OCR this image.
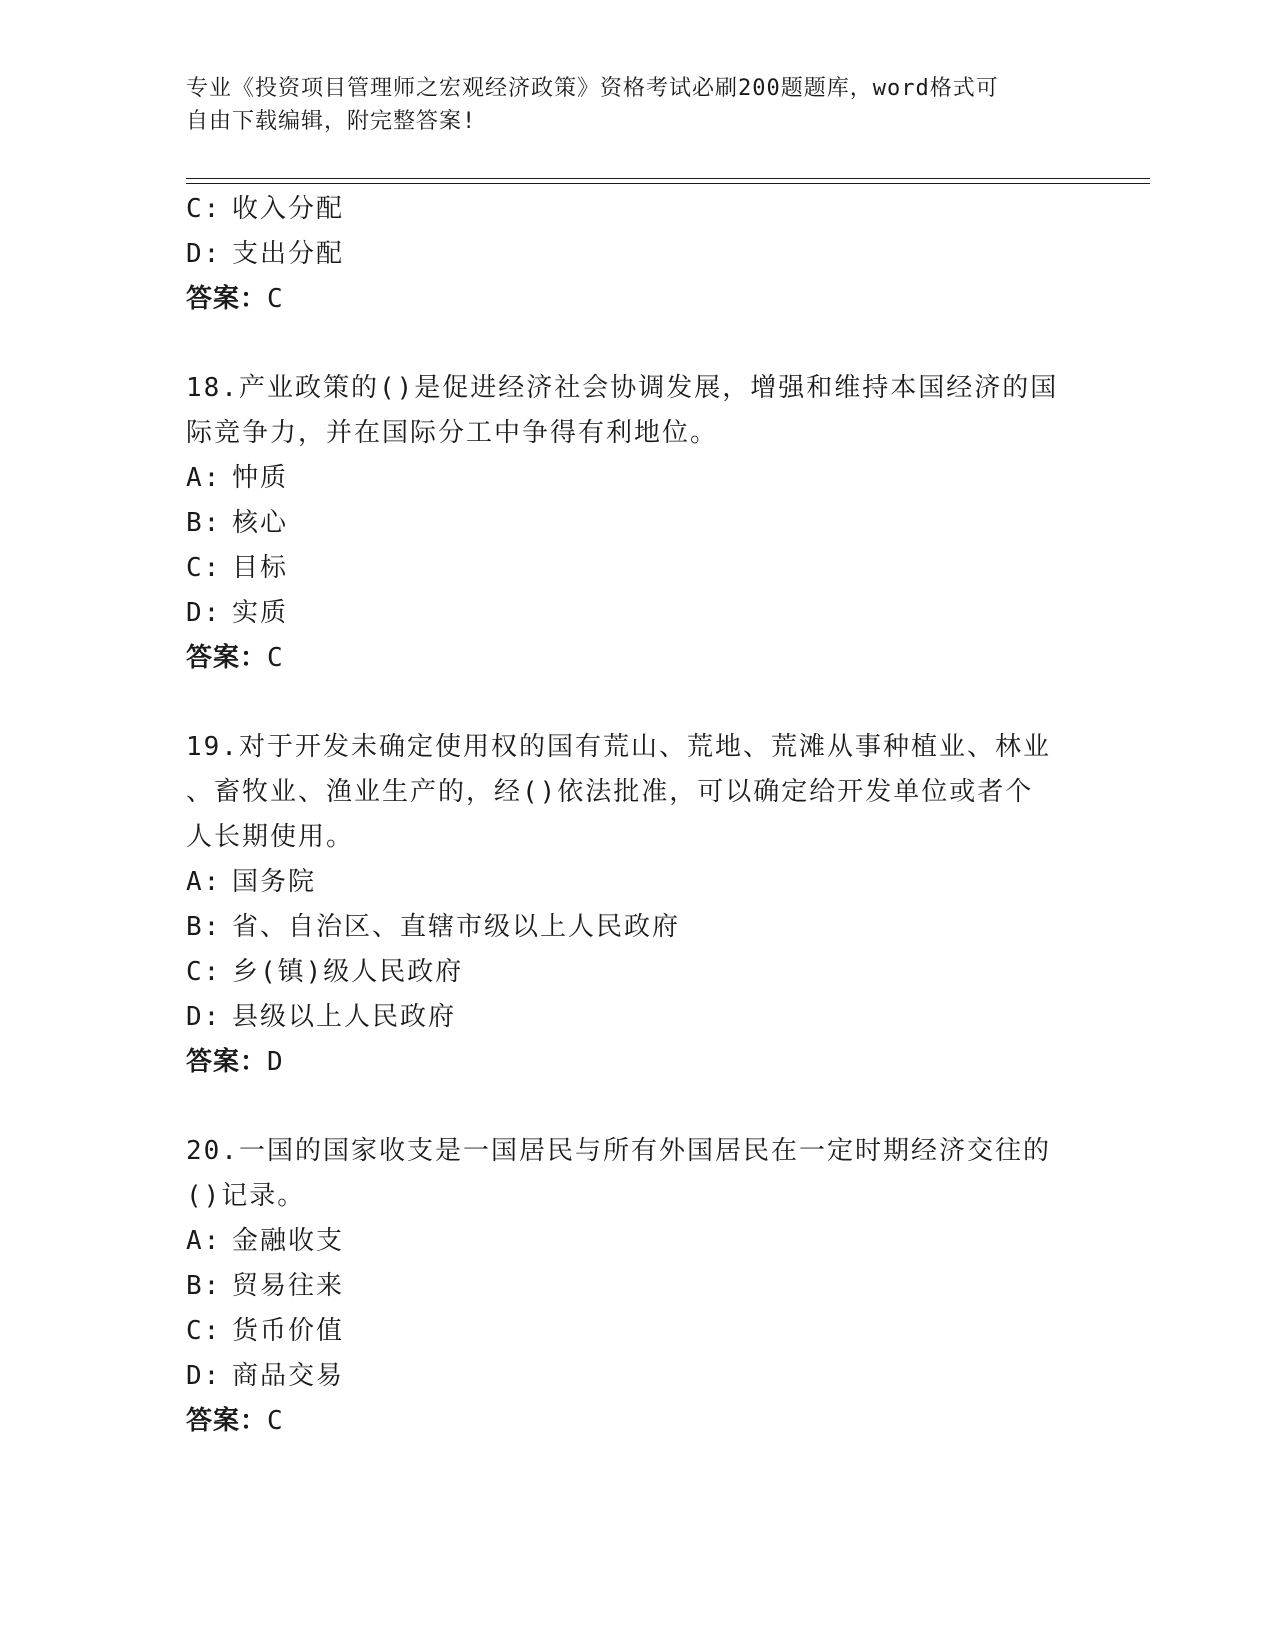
专业《投资项目管理师之宏观经济政策》资格考试必刷200题题库，word格式可
自由下载编辑，附完整答案!
C: 收入分配
D: 支出分配
答案：C
18.产业政策的()是促进经济社会协调发展，增强和维持本国经济的国
际竞争力，并在国际分工中争得有利地位。
A: 忡质
B: 核心
C: 目标
D: 实质
答案：C
19.对于开发未确定使用权的国有荒山、荒地、荒滩从事种植业、林业
、畜牧业、渔业生产的，经()依法批准，可以确定给开发单位或者个
人长期使用。
A: 国务院
B: 省、自治区、直辖市级以上人民政府
C: 乡(镇)级人民政府
D: 县级以上人民政府
答案：D
20.一国的国家收支是一国居民与所有外国居民在一定时期经济交往的
()记录。
A: 金融收支
B: 贸易往来
C: 货币价值
D: 商品交易
答案：C
